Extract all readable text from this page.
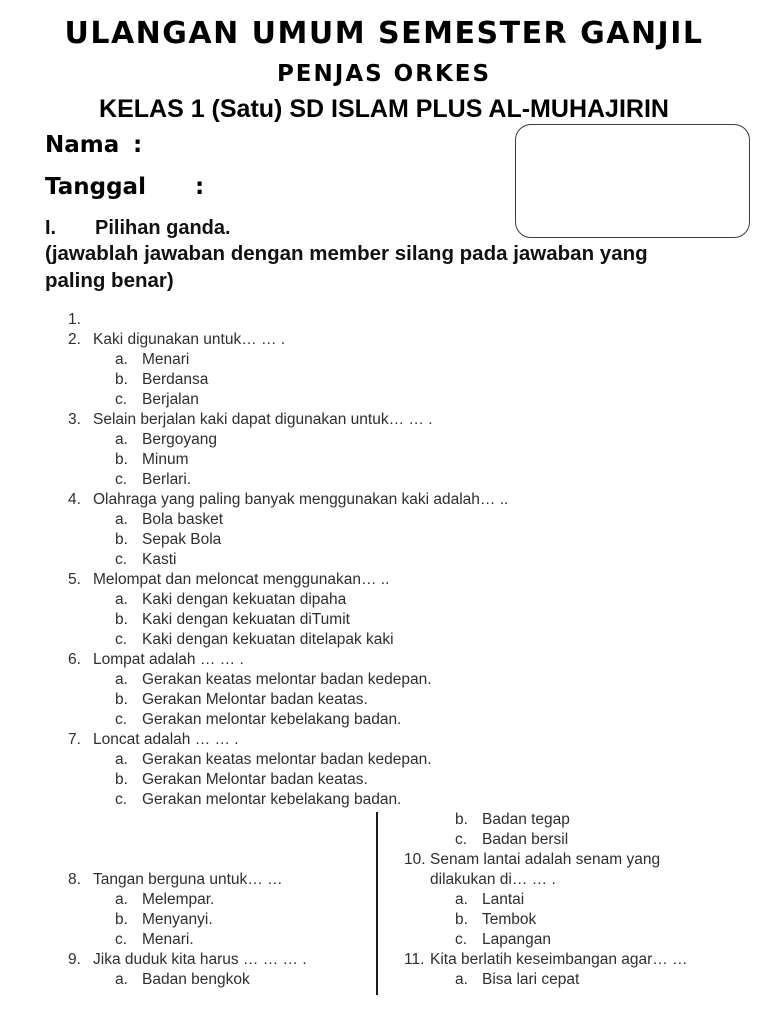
ULANGAN UMUM SEMESTER GANJIL
PENJAS ORKES
KELAS 1 (Satu) SD ISLAM PLUS AL-MUHAJIRIN
Nama :
Tanggal :
I. Pilihan ganda.
(jawablah jawaban dengan member silang pada jawaban yang
paling benar)
1.
2. Kaki digunakan untuk… … .
a. Menari
b. Berdansa
c. Berjalan
3. Selain berjalan kaki dapat digunakan untuk… … .
a. Bergoyang
b. Minum
c. Berlari.
4. Olahraga yang paling banyak menggunakan kaki adalah… ..
a. Bola basket
b. Sepak Bola
c. Kasti
5. Melompat dan meloncat menggunakan… ..
a. Kaki dengan kekuatan dipaha
b. Kaki dengan kekuatan diTumit
c. Kaki dengan kekuatan ditelapak kaki
6. Lompat adalah … … .
a. Gerakan keatas melontar badan kedepan.
b. Gerakan Melontar badan keatas.
c. Gerakan melontar kebelakang badan.
7. Loncat adalah … … .
a. Gerakan keatas melontar badan kedepan.
b. Gerakan Melontar badan keatas.
c. Gerakan melontar kebelakang badan.
8. Tangan berguna untuk… …
a. Melempar.
b. Menyanyi.
c. Menari.
9. Jika duduk kita harus … … … .
a. Badan bengkok
b. Badan tegap
c. Badan bersil
10. Senam lantai adalah senam yang
dilakukan di… … .
a. Lantai
b. Tembok
c. Lapangan
11. Kita berlatih keseimbangan agar… …
a. Bisa lari cepat
